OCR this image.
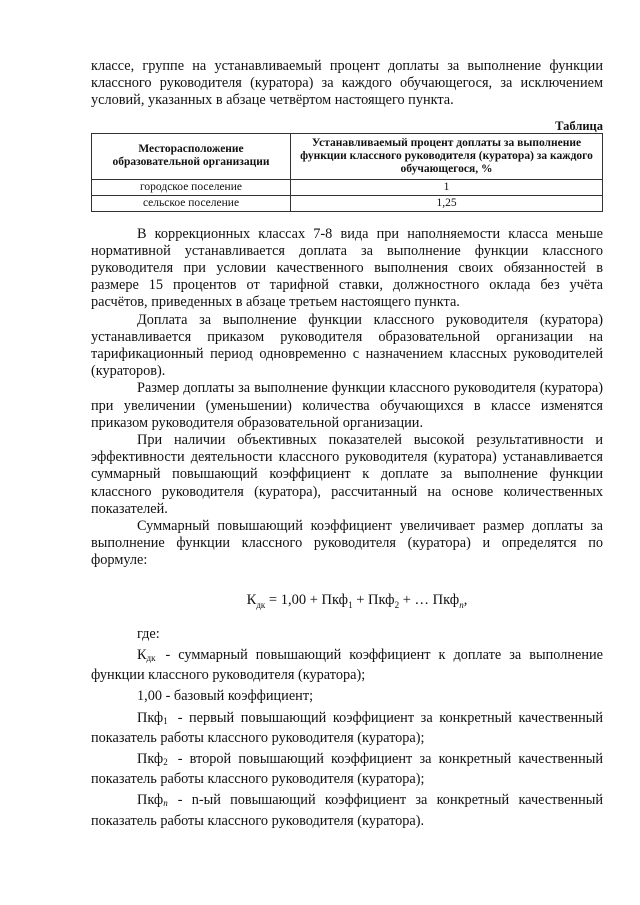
классе, группе на устанавливаемый процент доплаты за выполнение функции классного руководителя (куратора) за каждого обучающегося, за исключением условий, указанных в абзаце четвёртом настоящего пункта.

Таблица
Месторасположение образовательной организации	Устанавливаемый процент доплаты за выполнение функции классного руководителя (куратора) за каждого обучающегося, %
городское поселение	1
сельское поселение	1,25

В коррекционных классах 7-8 вида при наполняемости класса меньше нормативной устанавливается доплата за выполнение функции классного руководителя при условии качественного выполнения своих обязанностей в размере 15 процентов от тарифной ставки, должностного оклада без учёта расчётов, приведенных в абзаце третьем настоящего пункта.

Доплата за выполнение функции классного руководителя (куратора) устанавливается приказом руководителя образовательной организации на тарификационный период одновременно с назначением классных руководителей (кураторов).

Размер доплаты за выполнение функции классного руководителя (куратора) при увеличении (уменьшении) количества обучающихся в классе изменятся приказом руководителя образовательной организации.

При наличии объективных показателей высокой результативности и эффективности деятельности классного руководителя (куратора) устанавливается суммарный повышающий коэффициент к доплате за выполнение функции классного руководителя (куратора), рассчитанный на основе количественных показателей.

Суммарный повышающий коэффициент увеличивает размер доплаты за выполнение функции классного руководителя (куратора) и определятся по формуле:

$К_{дк} = 1,00 + Пкф_1 + Пкф_2$ + … Пкф$_n$,
где:

$К_{дк}$ - суммарный повышающий коэффициент к доплате за выполнение функции классного руководителя (куратора);

1,00 - базовый коэффициент;

Пкф$_1$ - первый повышающий коэффициент за конкретный качественный показатель работы классного руководителя (куратора);

Пкф$_2$ - второй повышающий коэффициент за конкретный качественный показатель работы классного руководителя (куратора);

Пкф$_n$ - n-ый повышающий коэффициент за конкретный качественный показатель работы классного руководителя (куратора).
